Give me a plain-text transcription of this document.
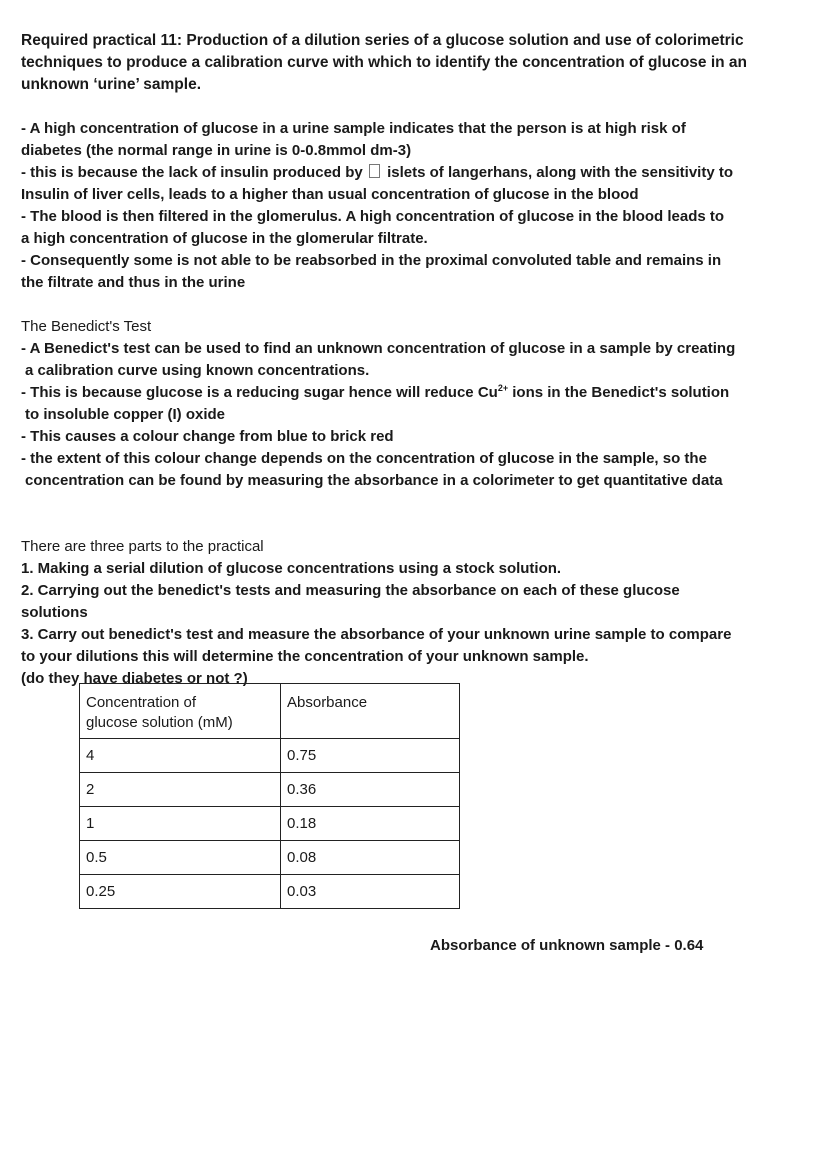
Required practical 11: Production of a dilution series of a glucose solution and use of colorimetric

techniques to produce a calibration curve with which to identify the concentration of glucose in an

unknown ‘urine’ sample.

- A high concentration of glucose in a urine sample indicates that the person is at high risk of

diabetes (the normal range in urine is 0-0.8mmol dm-3)

- this is because the lack of insulin produced by islets of langerhans, along with the sensitivity to

Insulin of liver cells, leads to a higher than usual concentration of glucose in the blood

- The blood is then filtered in the glomerulus. A high concentration of glucose in the blood leads to

a high concentration of glucose in the glomerular filtrate.

- Consequently some is not able to be reabsorbed in the proximal convoluted table and remains in

the filtrate and thus in the urine

The Benedict's Test

- A Benedict's test can be used to find an unknown concentration of glucose in a sample by creating

a calibration curve using known concentrations.

- This is because glucose is a reducing sugar hence will reduce $Cu^{2+}$ ions in the Benedict's solution

to insoluble copper (I) oxide

- This causes a colour change from blue to brick red

- the extent of this colour change depends on the concentration of glucose in the sample, so the

concentration can be found by measuring the absorbance in a colorimeter to get quantitative data

There are three parts to the practical

1. Making a serial dilution of glucose concentrations using a stock solution.

2. Carrying out the benedict's tests and measuring the absorbance on each of these glucose

solutions

3. Carry out benedict's test and measure the absorbance of your unknown urine sample to compare

to your dilutions this will determine the concentration of your unknown sample.

(do they have diabetes or not ?)

Concentration of
glucose solution (mM)	Absorbance
4	0.75
2	0.36
1	0.18
0.5	0.08
0.25	0.03
Absorbance of unknown sample - 0.64
